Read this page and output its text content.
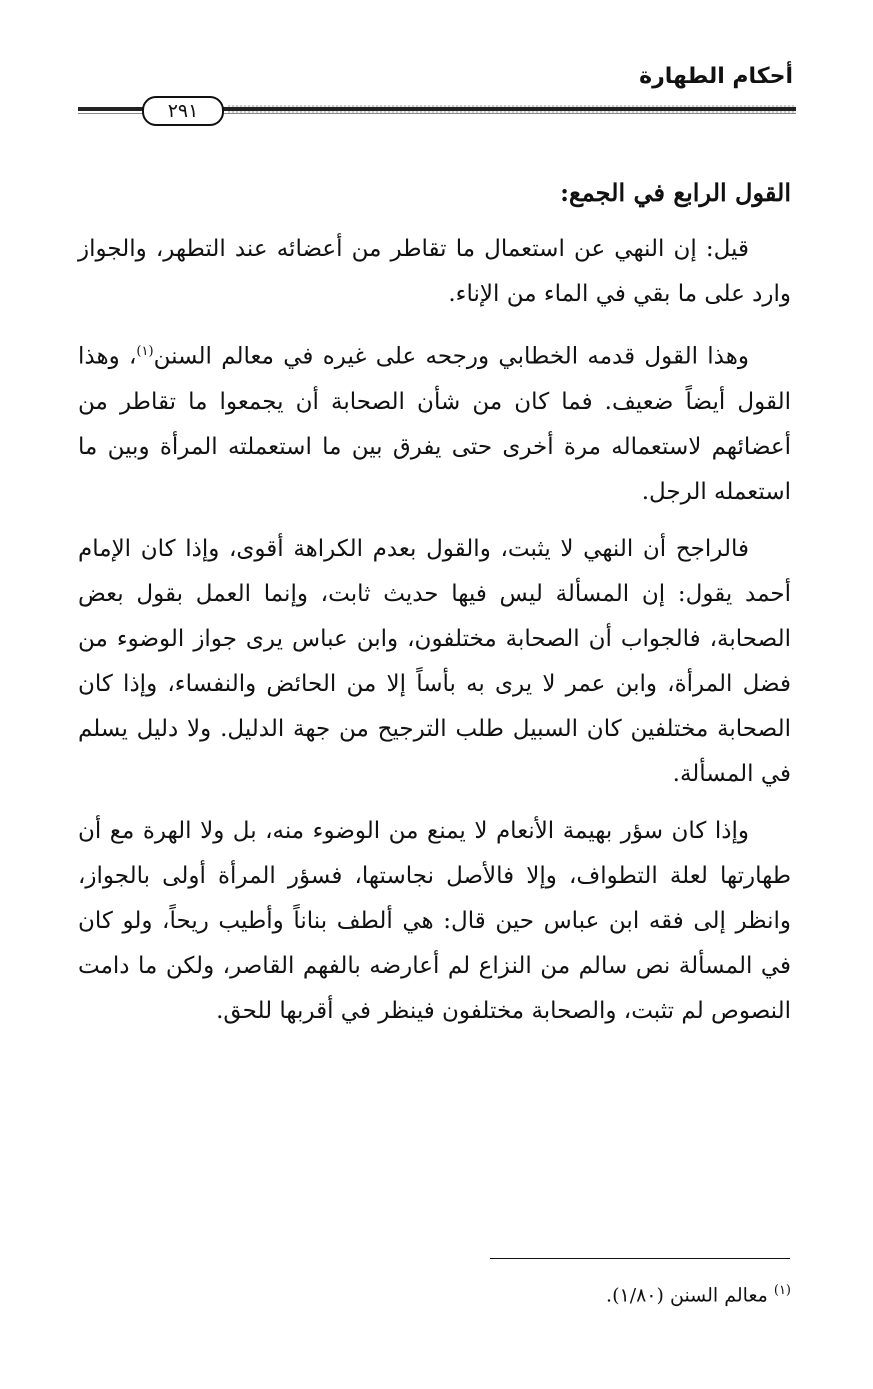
أحكام الطهارة
٢٩١

القول الرابع في الجمع:

قيل: إن النهي عن استعمال ما تقاطر من أعضائه عند التطهر، والجواز وارد على ما بقي في الماء من الإناء.

وهذا القول قدمه الخطابي ورجحه على غيره في معالم السنن$^{(١)}$، وهذا القول أيضاً ضعيف. فما كان من شأن الصحابة أن يجمعوا ما تقاطر من أعضائهم لاستعماله مرة أخرى حتى يفرق بين ما استعملته المرأة وبين ما استعمله الرجل.

فالراجح أن النهي لا يثبت، والقول بعدم الكراهة أقوى، وإذا كان الإمام أحمد يقول: إن المسألة ليس فيها حديث ثابت، وإنما العمل بقول بعض الصحابة، فالجواب أن الصحابة مختلفون، وابن عباس يرى جواز الوضوء من فضل المرأة، وابن عمر لا يرى به بأساً إلا من الحائض والنفساء، وإذا كان الصحابة مختلفين كان السبيل طلب الترجيح من جهة الدليل. ولا دليل يسلم في المسألة.

وإذا كان سؤر بهيمة الأنعام لا يمنع من الوضوء منه، بل ولا الهرة مع أن طهارتها لعلة التطواف، وإلا فالأصل نجاستها، فسؤر المرأة أولى بالجواز، وانظر إلى فقه ابن عباس حين قال: هي ألطف بناناً وأطيب ريحاً، ولو كان في المسألة نص سالم من النزاع لم أعارضه بالفهم القاصر، ولكن ما دامت النصوص لم تثبت، والصحابة مختلفون فينظر في أقربها للحق.

$^{(١)}$ معالم السنن (١/٨٠).
